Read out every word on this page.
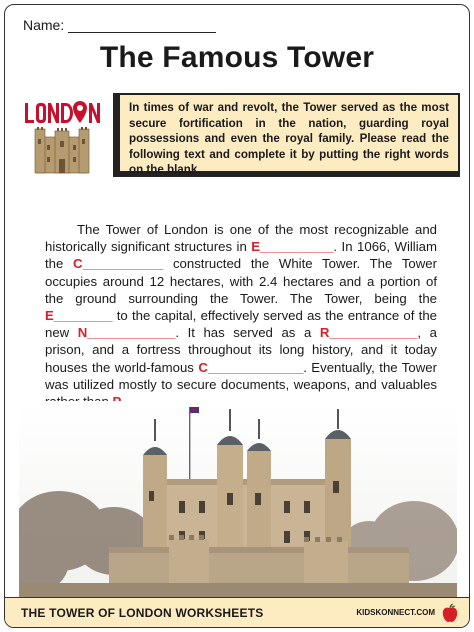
Name:
The Famous Tower
In times of war and revolt, the Tower served as the most secure fortification in the nation, guarding royal possessions and even the royal family. Please read the following text and complete it by putting the right words on the blank.
The Tower of London is one of the most recognizable and historically significant structures in E__________. In 1066, William the C___________ constructed the White Tower. The Tower occupies around 12 hectares, with 2.4 hectares and a portion of the ground surrounding the Tower. The Tower, being the E________ to the capital, effectively served as the entrance of the new N____________. It has served as a R____________, a prison, and a fortress throughout its long history, and it today houses the world-famous C_____________. Eventually, the Tower was utilized mostly to secure documents, weapons, and valuables
THE TOWER OF LONDON WORKSHEETS	KIDSKONNECT.COM
